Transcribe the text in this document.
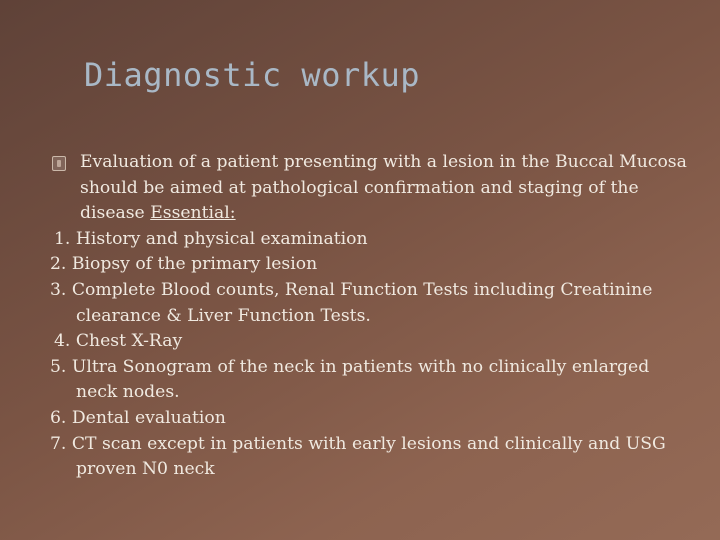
Diagnostic workup
Evaluation of a patient presenting with a lesion in the Buccal Mucosa should be aimed at pathological confirmation and staging of the disease Essential:
1. History and physical examination
2. Biopsy of the primary lesion
3. Complete Blood counts, Renal Function Tests including Creatinine clearance & Liver Function Tests.
4. Chest X-Ray
5. Ultra Sonogram of the neck in patients with no clinically enlarged neck nodes.
6. Dental evaluation
7. CT scan except in patients with early lesions and clinically and USG proven N0 neck
